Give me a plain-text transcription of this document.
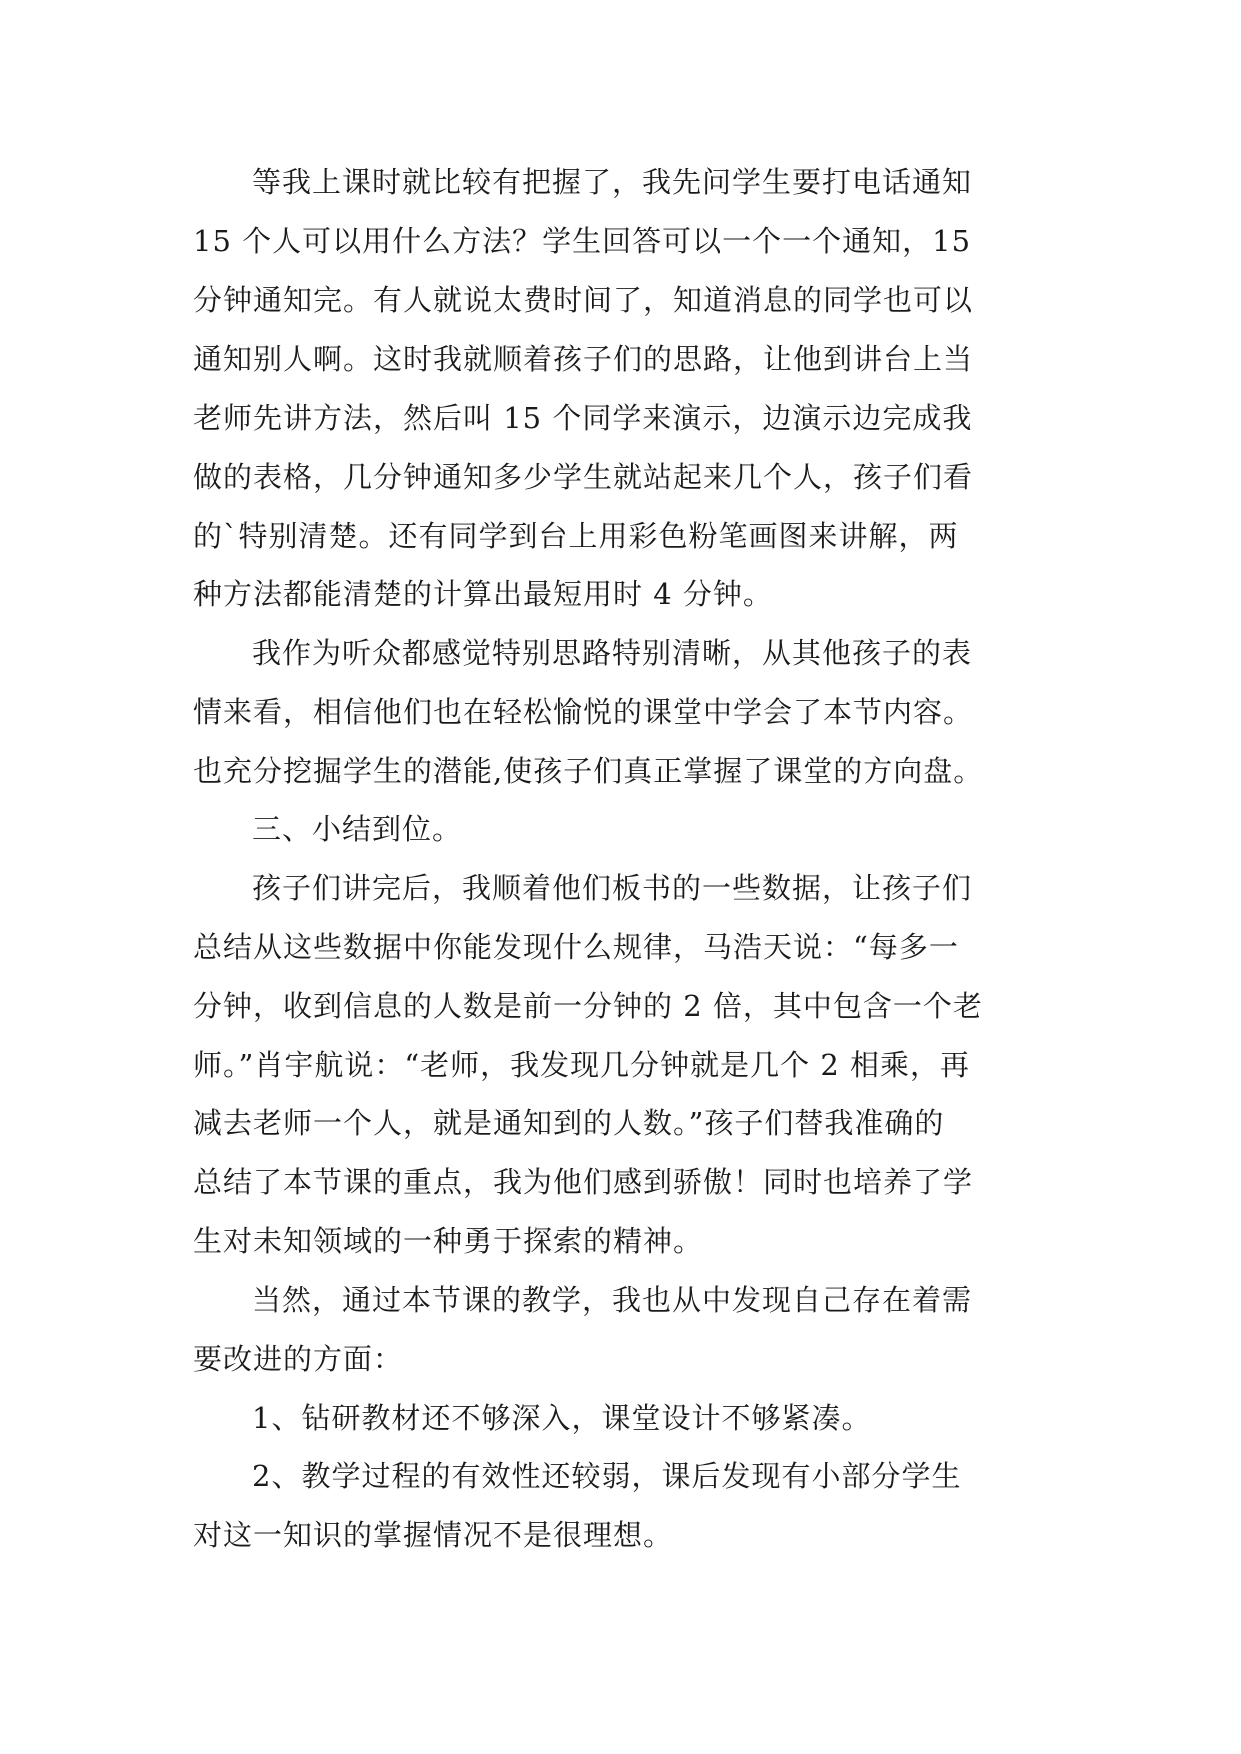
等我上课时就比较有把握了，我先问学生要打电话通知
15 个人可以用什么方法？学生回答可以一个一个通知，15
分钟通知完。有人就说太费时间了，知道消息的同学也可以
通知别人啊。这时我就顺着孩子们的思路，让他到讲台上当
老师先讲方法，然后叫 15 个同学来演示，边演示边完成我
做的表格，几分钟通知多少学生就站起来几个人，孩子们看
的`特别清楚。还有同学到台上用彩色粉笔画图来讲解，两
种方法都能清楚的计算出最短用时 4 分钟。
我作为听众都感觉特别思路特别清晰，从其他孩子的表
情来看，相信他们也在轻松愉悦的课堂中学会了本节内容。
也充分挖掘学生的潜能,使孩子们真正掌握了课堂的方向盘。
三、小结到位。
孩子们讲完后，我顺着他们板书的一些数据，让孩子们
总结从这些数据中你能发现什么规律，马浩天说：“每多一
分钟，收到信息的人数是前一分钟的 2 倍，其中包含一个老
师。”肖宇航说：“老师，我发现几分钟就是几个 2 相乘，再
减去老师一个人，就是通知到的人数。”孩子们替我准确的
总结了本节课的重点，我为他们感到骄傲！同时也培养了学
生对未知领域的一种勇于探索的精神。
当然，通过本节课的教学，我也从中发现自己存在着需
要改进的方面：
1、钻研教材还不够深入，课堂设计不够紧凑。
2、教学过程的有效性还较弱，课后发现有小部分学生
对这一知识的掌握情况不是很理想。
